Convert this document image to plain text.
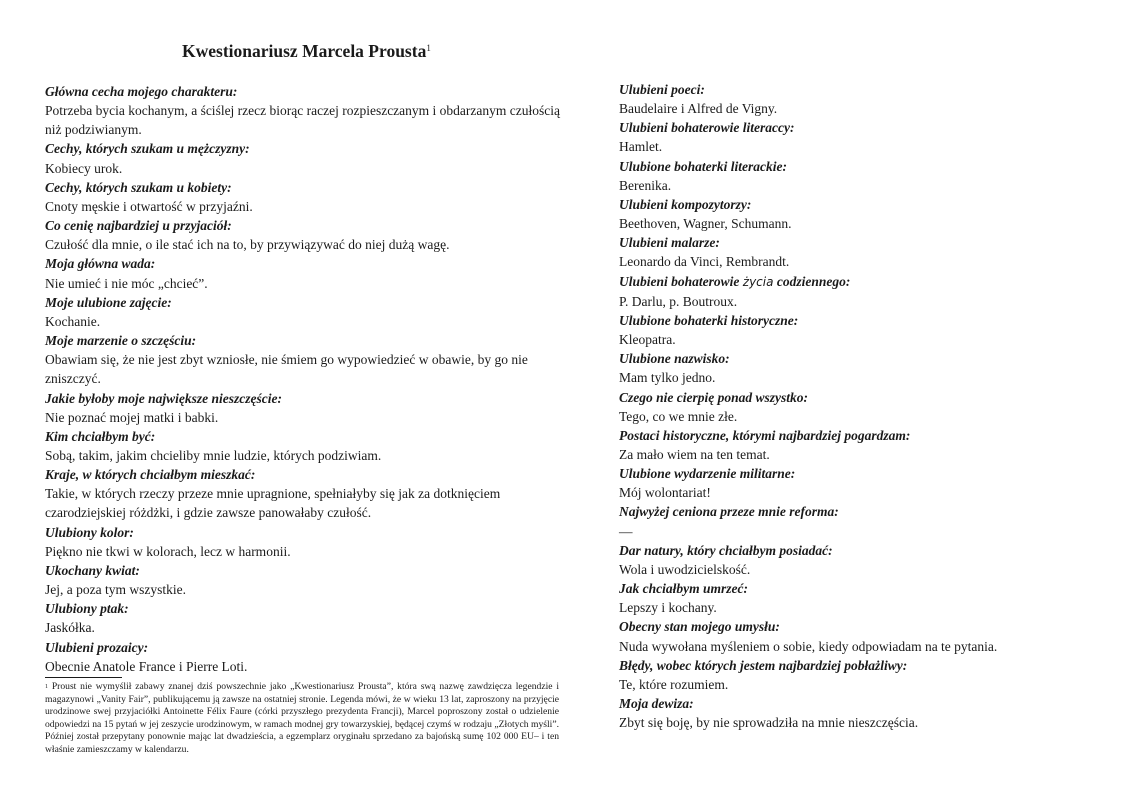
Kwestionariusz Marcela Prousta$^1$
Główna cecha mojego charakteru:
Potrzeba bycia kochanym, a ściślej rzecz biorąc raczej rozpieszczanym i obdarzanym czułością niż podziwianym.
Cechy, których szukam u mężczyzny:
Kobiecy urok.
Cechy, których szukam u kobiety:
Cnoty męskie i otwartość w przyjaźni.
Co cenię najbardziej u przyjaciół:
Czułość dla mnie, o ile stać ich na to, by przywiązywać do niej dużą wagę.
Moja główna wada:
Nie umieć i nie móc „chcieć”.
Moje ulubione zajęcie:
Kochanie.
Moje marzenie o szczęściu:
Obawiam się, że nie jest zbyt wzniosłe, nie śmiem go wypowiedzieć w obawie, by go nie zniszczyć.
Jakie byłoby moje największe nieszczęście:
Nie poznać mojej matki i babki.
Kim chciałbym być:
Sobą, takim, jakim chcieliby mnie ludzie, których podziwiam.
Kraje, w których chciałbym mieszkać:
Takie, w których rzeczy przeze mnie upragnione, spełniałyby się jak za dotknięciem czarodziejskiej różdżki, i gdzie zawsze panowałaby czułość.
Ulubiony kolor:
Piękno nie tkwi w kolorach, lecz w harmonii.
Ukochany kwiat:
Jej, a poza tym wszystkie.
Ulubiony ptak:
Jaskółka.
Ulubieni prozaicy:
Obecnie Anatole France i Pierre Loti.
Ulubieni poeci:
Baudelaire i Alfred de Vigny.
Ulubieni bohaterowie literaccy:
Hamlet.
Ulubione bohaterki literackie:
Berenika.
Ulubieni kompozytorzy:
Beethoven, Wagner, Schumann.
Ulubieni malarze:
Leonardo da Vinci, Rembrandt.
Ulubieni bohaterowie życia codziennego:
P. Darlu, p. Boutroux.
Ulubione bohaterki historyczne:
Kleopatra.
Ulubione nazwisko:
Mam tylko jedno.
Czego nie cierpię ponad wszystko:
Tego, co we mnie złe.
Postaci historyczne, którymi najbardziej pogardzam:
Za mało wiem na ten temat.
Ulubione wydarzenie militarne:
Mój wolontariat!
Najwyżej ceniona przeze mnie reforma:
—
Dar natury, który chciałbym posiadać:
Wola i uwodzicielskość.
Jak chciałbym umrzeć:
Lepszy i kochany.
Obecny stan mojego umysłu:
Nuda wywołana myśleniem o sobie, kiedy odpowiadam na te pytania.
Błędy, wobec których jestem najbardziej pobłażliwy:
Te, które rozumiem.
Moja dewiza:
Zbyt się boję, by nie sprowadziła na mnie nieszczęścia.
$^1$ Proust nie wymyślił zabawy znanej dziś powszechnie jako „Kwestionariusz Prousta”, która swą nazwę zawdzięcza legendzie i magazynowi „Vanity Fair”, publikującemu ją zawsze na ostatniej stronie. Legenda mówi, że w wieku 13 lat, zaproszony na przyjęcie urodzinowe swej przyjaciółki Antoinette Félix Faure (córki przyszłego prezydenta Francji), Marcel poproszony został o udzielenie odpowiedzi na 15 pytań w jej zeszycie urodzinowym, w ramach modnej gry towarzyskiej, będącej czymś w rodzaju „Złotych myśli”. Później został przepytany ponownie mając lat dwadzieścia, a egzemplarz oryginału sprzedano za bajońską sumę 102 000 EU– i ten właśnie zamieszczamy w kalendarzu.
